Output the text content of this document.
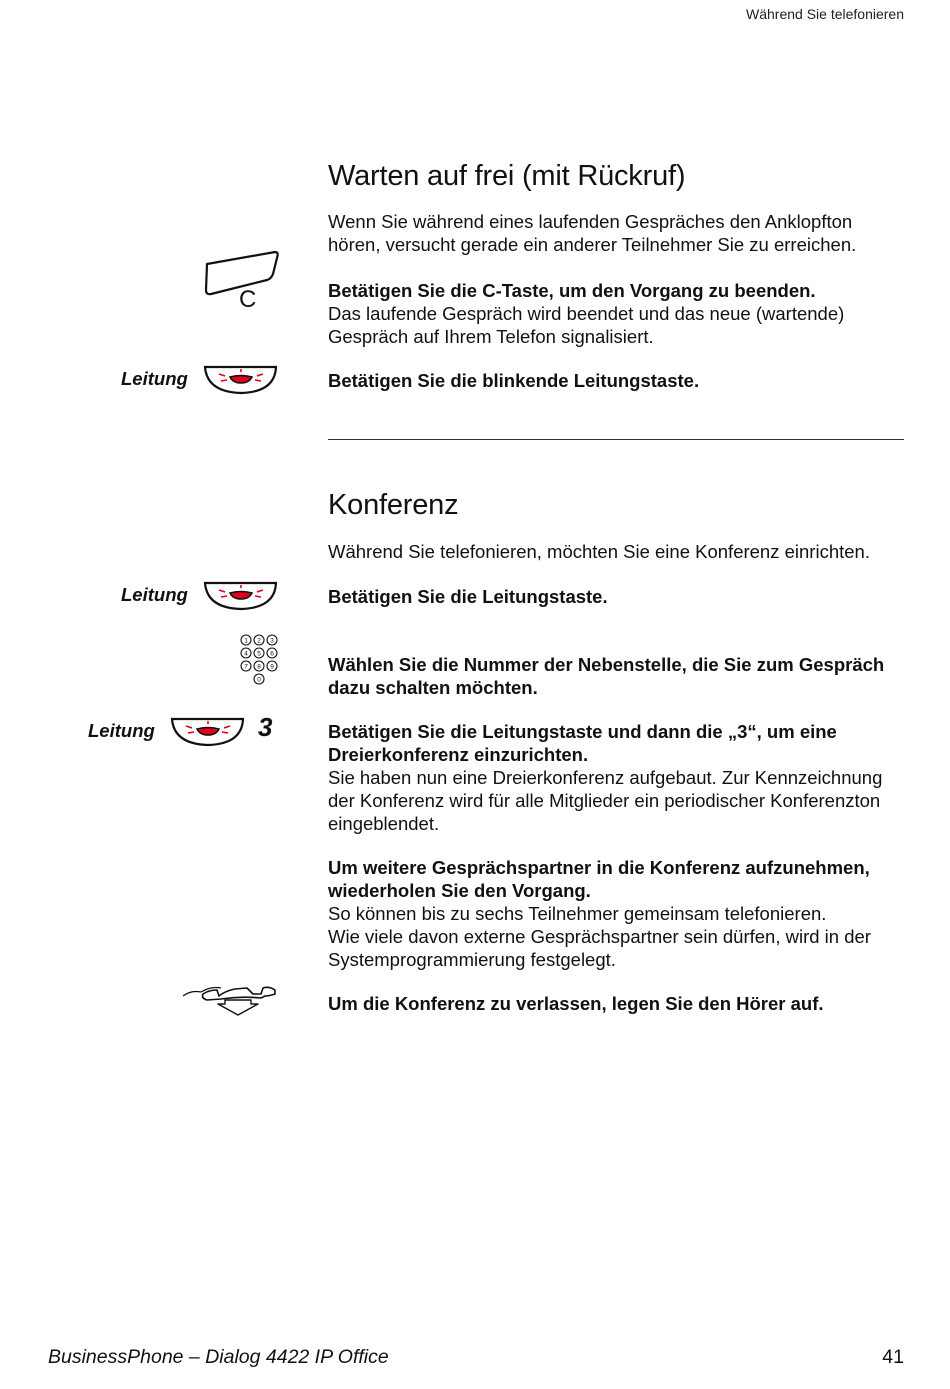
Während Sie telefonieren
Warten auf frei (mit Rückruf)

Wenn Sie während eines laufenden Gespräches den Anklopfton hören, versucht gerade ein anderer Teilnehmer Sie zu erreichen.

C	Betätigen Sie die C-Taste, um den Vorgang zu beenden.
Das laufende Gespräch wird beendet und das neue (wartende) Gespräch auf Ihrem Telefon signalisiert.

Leitung	Betätigen Sie die blinkende Leitungstaste.

Konferenz

Während Sie telefonieren, möchten Sie eine Konferenz einrichten.

Leitung	Betätigen Sie die Leitungstaste.

1 2 3
4 5 6
7 8 9
0

Wählen Sie die Nummer der Nebenstelle, die Sie zum Gespräch dazu schalten möchten.

Leitung	3	Betätigen Sie die Leitungstaste und dann die „3“, um eine Dreierkonferenz einzurichten.
Sie haben nun eine Dreierkonferenz aufgebaut. Zur Kennzeichnung der Konferenz wird für alle Mitglieder ein periodischer Konferenzton eingeblendet.

Um weitere Gesprächspartner in die Konferenz aufzunehmen, wiederholen Sie den Vorgang.
So können bis zu sechs Teilnehmer gemeinsam telefonieren.
Wie viele davon externe Gesprächspartner sein dürfen, wird in der Systemprogrammierung festgelegt.

Um die Konferenz zu verlassen, legen Sie den Hörer auf.

BusinessPhone – Dialog 4422 IP Office	41
